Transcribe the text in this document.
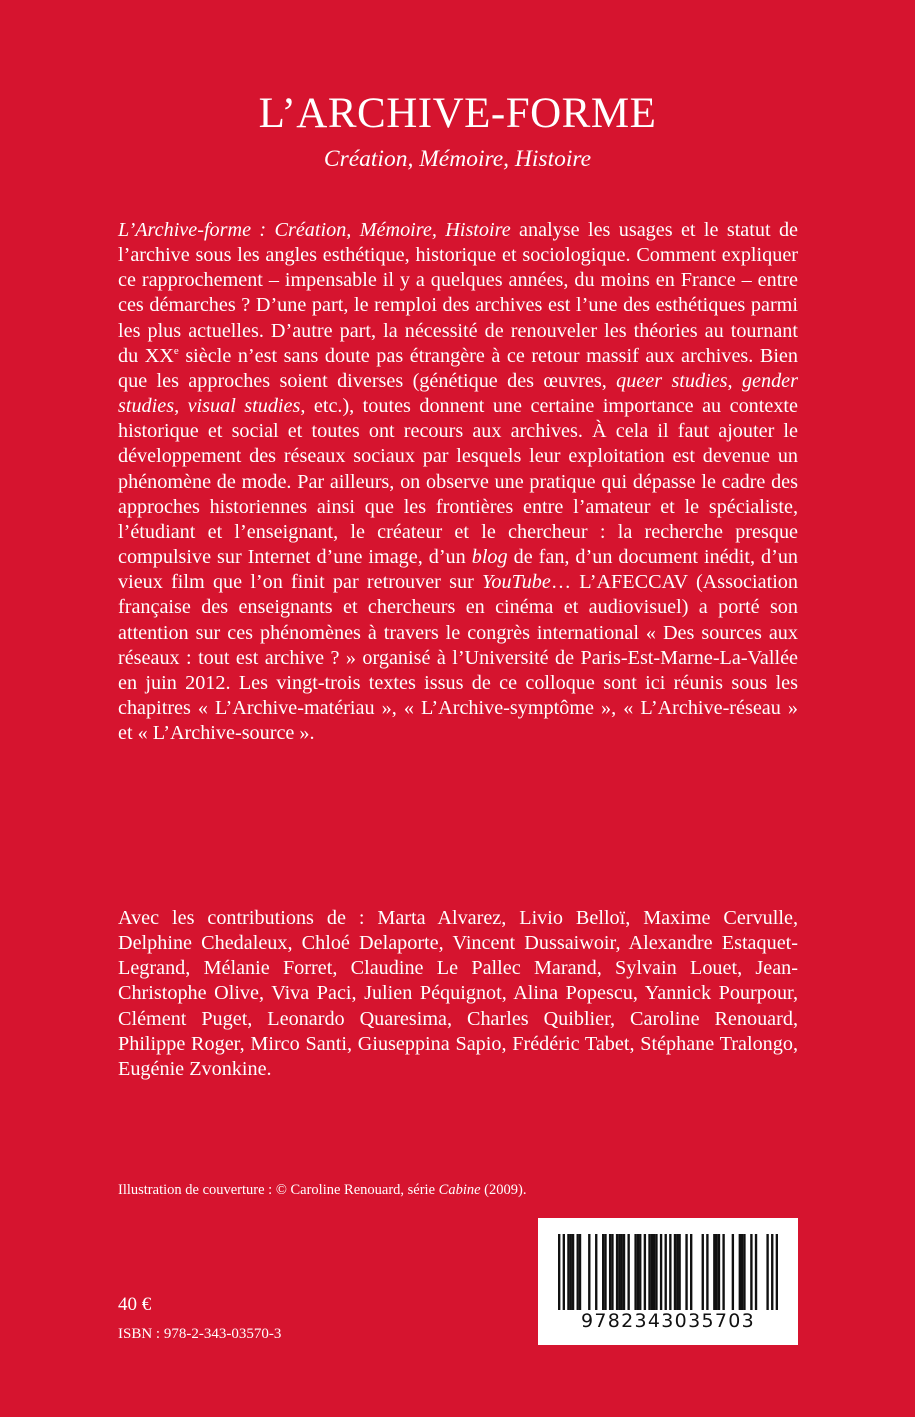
L’ARCHIVE-FORME
Création, Mémoire, Histoire

L’Archive-forme : Création, Mémoire, Histoire analyse les usages et le statut de l’archive sous les angles esthétique, historique et sociologique. Comment expliquer ce rapprochement – impensable il y a quelques années, du moins en France – entre ces démarches ? D’une part, le remploi des archives est l’une des esthétiques parmi les plus actuelles. D’autre part, la nécessité de renouveler les théories au tournant du XXe siècle n’est sans doute pas étrangère à ce retour massif aux archives. Bien que les approches soient diverses (génétique des œuvres, queer studies, gender studies, visual studies, etc.), toutes donnent une certaine importance au contexte historique et social et toutes ont recours aux archives. À cela il faut ajouter le développement des réseaux sociaux par lesquels leur exploitation est devenue un phénomène de mode. Par ailleurs, on observe une pratique qui dépasse le cadre des approches historiennes ainsi que les frontières entre l’amateur et le spécialiste, l’étudiant et l’enseignant, le créateur et le chercheur : la recherche presque compulsive sur Internet d’une image, d’un blog de fan, d’un document inédit, d’un vieux film que l’on finit par retrouver sur YouTube… L’AFECCAV (Association française des enseignants et chercheurs en cinéma et audiovisuel) a porté son attention sur ces phénomènes à travers le congrès international « Des sources aux réseaux : tout est archive ? » organisé à l’Université de Paris-Est-Marne-La-Vallée en juin 2012. Les vingt-trois textes issus de ce colloque sont ici réunis sous les chapitres « L’Archive-matériau », « L’Archive-symptôme », « L’Archive-réseau » et « L’Archive-source ».

Avec les contributions de : Marta Alvarez, Livio Belloï, Maxime Cervulle, Delphine Chedaleux, Chloé Delaporte, Vincent Dussaiwoir, Alexandre Estaquet-Legrand, Mélanie Forret, Claudine Le Pallec Marand, Sylvain Louet, Jean-Christophe Olive, Viva Paci, Julien Péquignot, Alina Popescu, Yannick Pourpour, Clément Puget, Leonardo Quaresima, Charles Quiblier, Caroline Renouard, Philippe Roger, Mirco Santi, Giuseppina Sapio, Frédéric Tabet, Stéphane Tralongo, Eugénie Zvonkine.

Illustration de couverture : © Caroline Renouard, série Cabine (2009).
40 €
ISBN : 978-2-343-03570-3
9782343035703
